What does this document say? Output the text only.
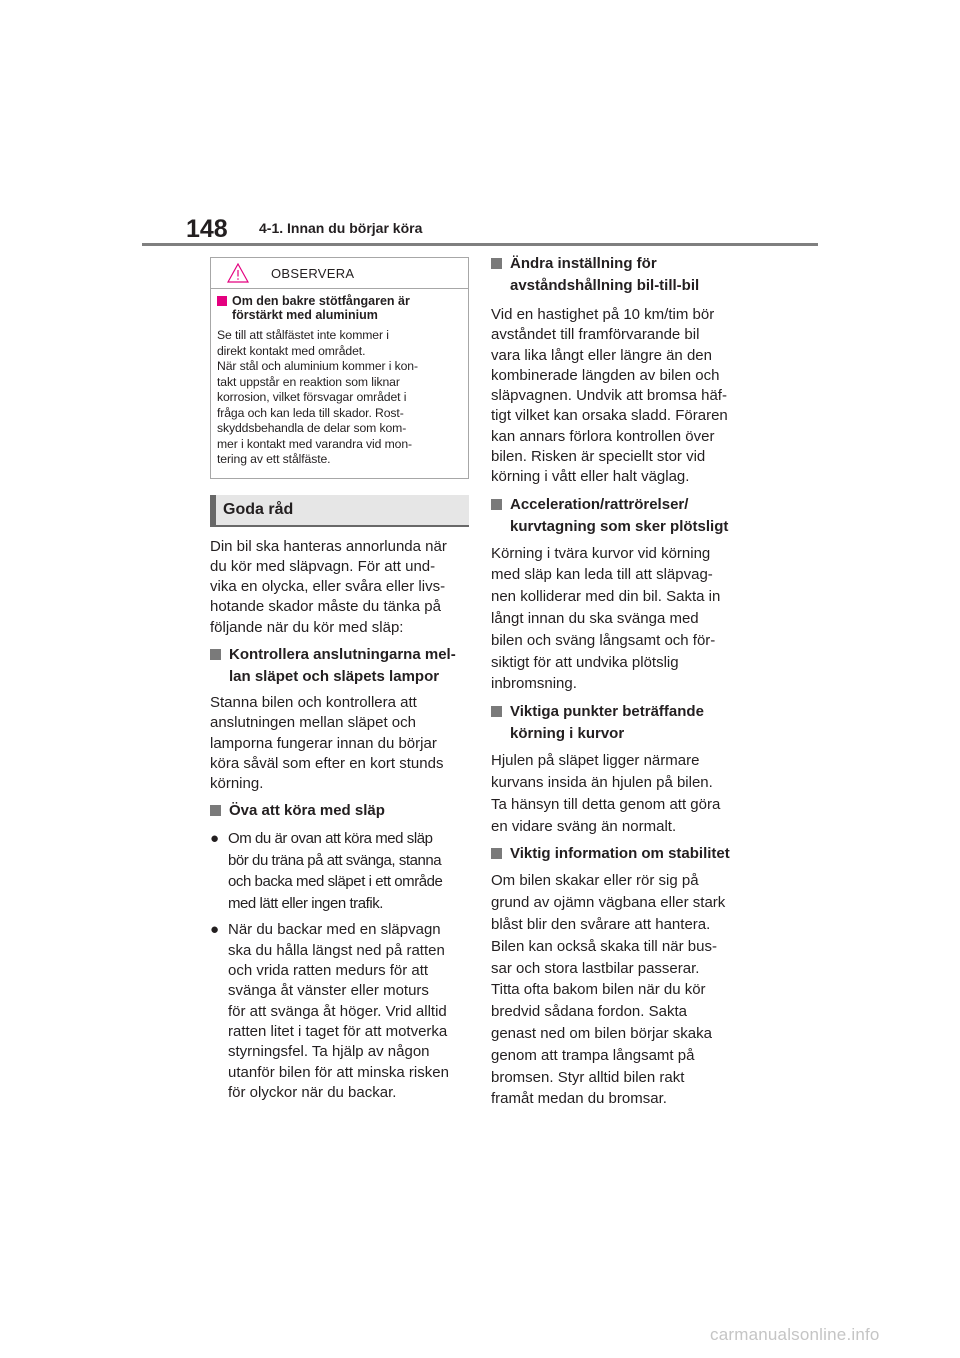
148 4-1. Innan du börjar köra
OBSERVERA
Om den bakre stötfångaren är
förstärkt med aluminium
Se till att stålfästet inte kommer i
direkt kontakt med området.
När stål och aluminium kommer i kon-
takt uppstår en reaktion som liknar
korrosion, vilket försvagar området i
fråga och kan leda till skador. Rost-
skyddsbehandla de delar som kom-
mer i kontakt med varandra vid mon-
tering av ett stålfäste.
Goda råd
Din bil ska hanteras annorlunda när
du kör med släpvagn. För att und-
vika en olycka, eller svåra eller livs-
hotande skador måste du tänka på
följande när du kör med släp:
Kontrollera anslutningarna mel-
lan släpet och släpets lampor
Stanna bilen och kontrollera att
anslutningen mellan släpet och
lamporna fungerar innan du börjar
köra såväl som efter en kort stunds
körning.
Öva att köra med släp
● Om du är ovan att köra med släp
bör du träna på att svänga, stanna
och backa med släpet i ett område
med lätt eller ingen trafik.
● När du backar med en släpvagn
ska du hålla längst ned på ratten
och vrida ratten medurs för att
svänga åt vänster eller moturs
för att svänga åt höger. Vrid alltid
ratten litet i taget för att motverka
styrningsfel. Ta hjälp av någon
utanför bilen för att minska risken
för olyckor när du backar.
Ändra inställning för
avståndshållning bil-till-bil
Vid en hastighet på 10 km/tim bör
avståndet till framförvarande bil
vara lika långt eller längre än den
kombinerade längden av bilen och
släpvagnen. Undvik att bromsa häf-
tigt vilket kan orsaka sladd. Föraren
kan annars förlora kontrollen över
bilen. Risken är speciellt stor vid
körning i vått eller halt väglag.
Acceleration/rattrörelser/
kurvtagning som sker plötsligt
Körning i tvära kurvor vid körning
med släp kan leda till att släpvag-
nen kolliderar med din bil. Sakta in
långt innan du ska svänga med
bilen och sväng långsamt och för-
siktigt för att undvika plötslig
inbromsning.
Viktiga punkter beträffande
körning i kurvor
Hjulen på släpet ligger närmare
kurvans insida än hjulen på bilen.
Ta hänsyn till detta genom att göra
en vidare sväng än normalt.
Viktig information om stabilitet
Om bilen skakar eller rör sig på
grund av ojämn vägbana eller stark
blåst blir den svårare att hantera.
Bilen kan också skaka till när bus-
sar och stora lastbilar passerar.
Titta ofta bakom bilen när du kör
bredvid sådana fordon. Sakta
genast ned om bilen börjar skaka
genom att trampa långsamt på
bromsen. Styr alltid bilen rakt
framåt medan du bromsar.
carmanualsonline.info
